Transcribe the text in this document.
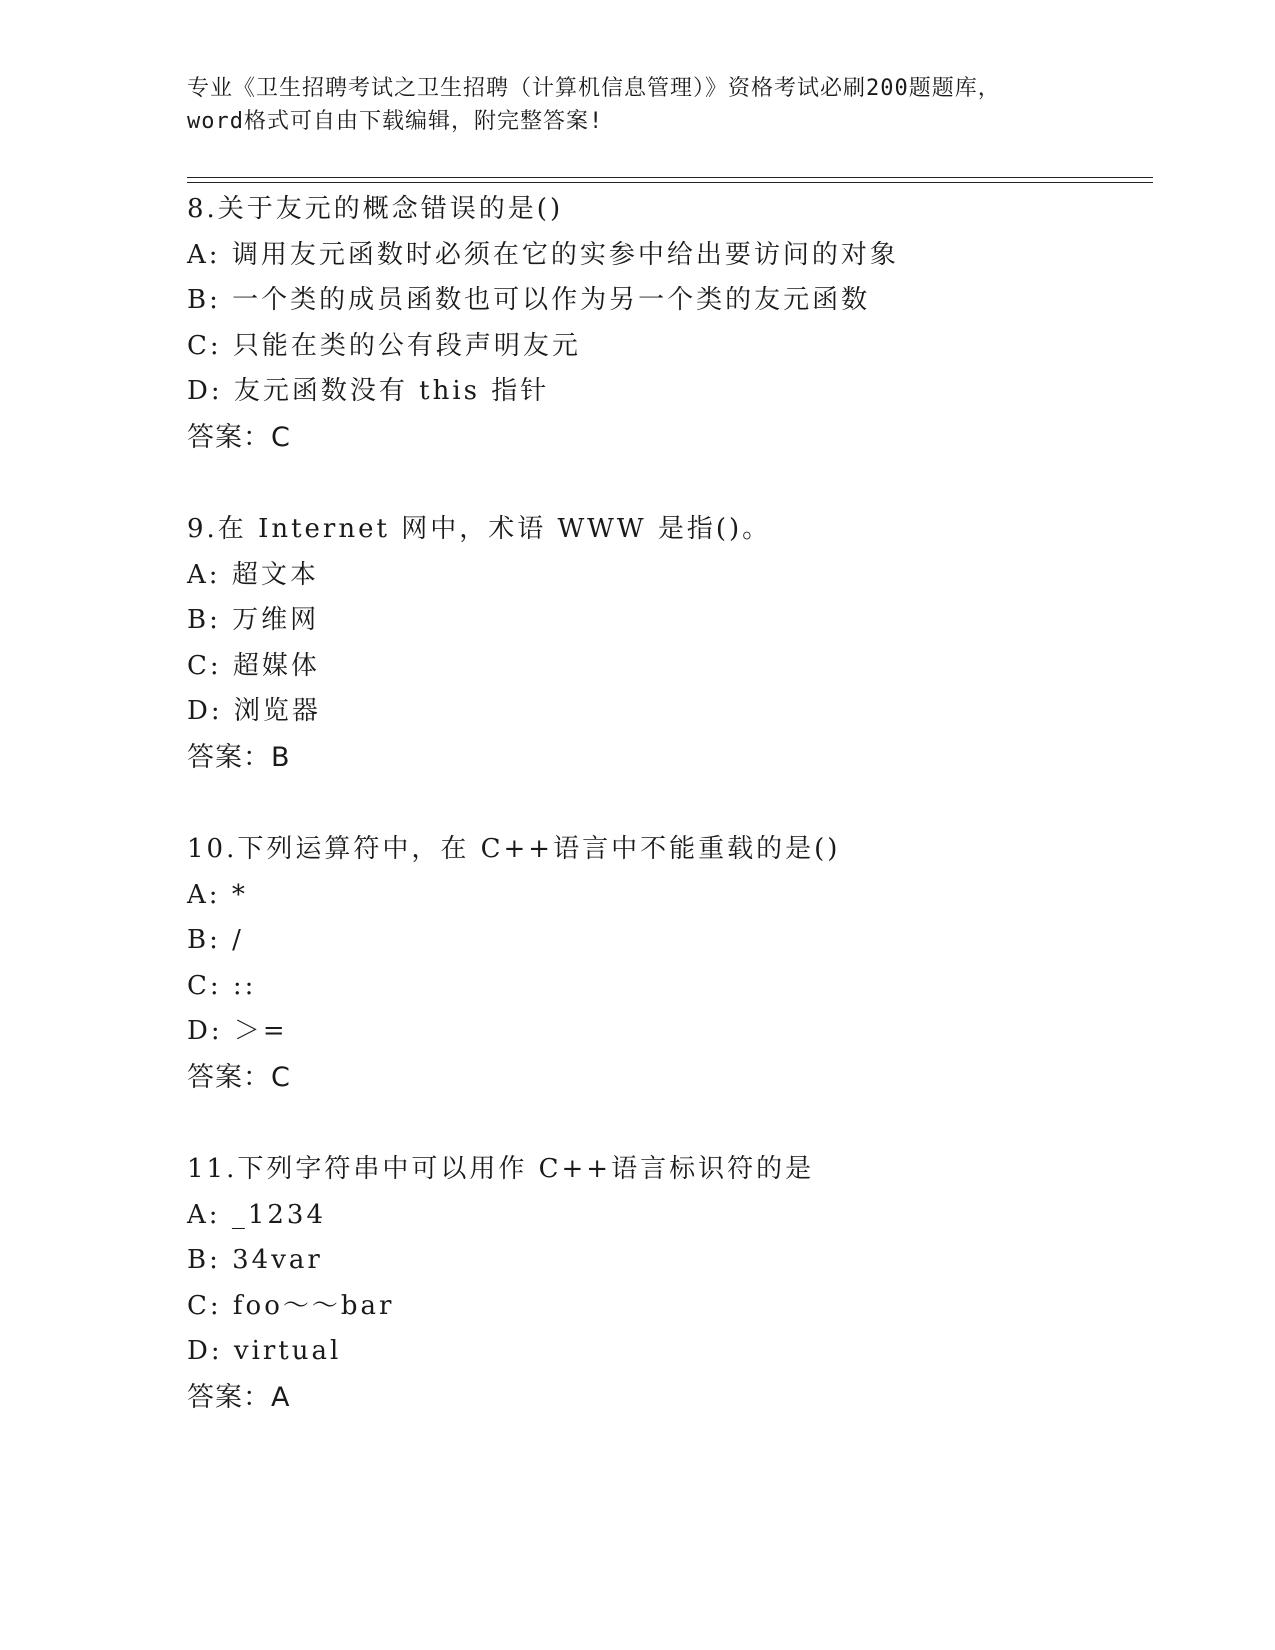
专业《卫生招聘考试之卫生招聘（计算机信息管理）》资格考试必刷200题题库，
word格式可自由下载编辑，附完整答案!
8.关于友元的概念错误的是()
A: 调用友元函数时必须在它的实参中给出要访问的对象
B: 一个类的成员函数也可以作为另一个类的友元函数
C: 只能在类的公有段声明友元
D: 友元函数没有 this 指针
答案：C
9.在 Internet 网中，术语 WWW 是指()。
A: 超文本
B: 万维网
C: 超媒体
D: 浏览器
答案：B
10.下列运算符中，在 C++语言中不能重载的是()
A: *
B: /
C: ::
D: ＞=
答案：C
11.下列字符串中可以用作 C++语言标识符的是
A: _1234
B: 34var
C: foo～～bar
D: virtual
答案：A
